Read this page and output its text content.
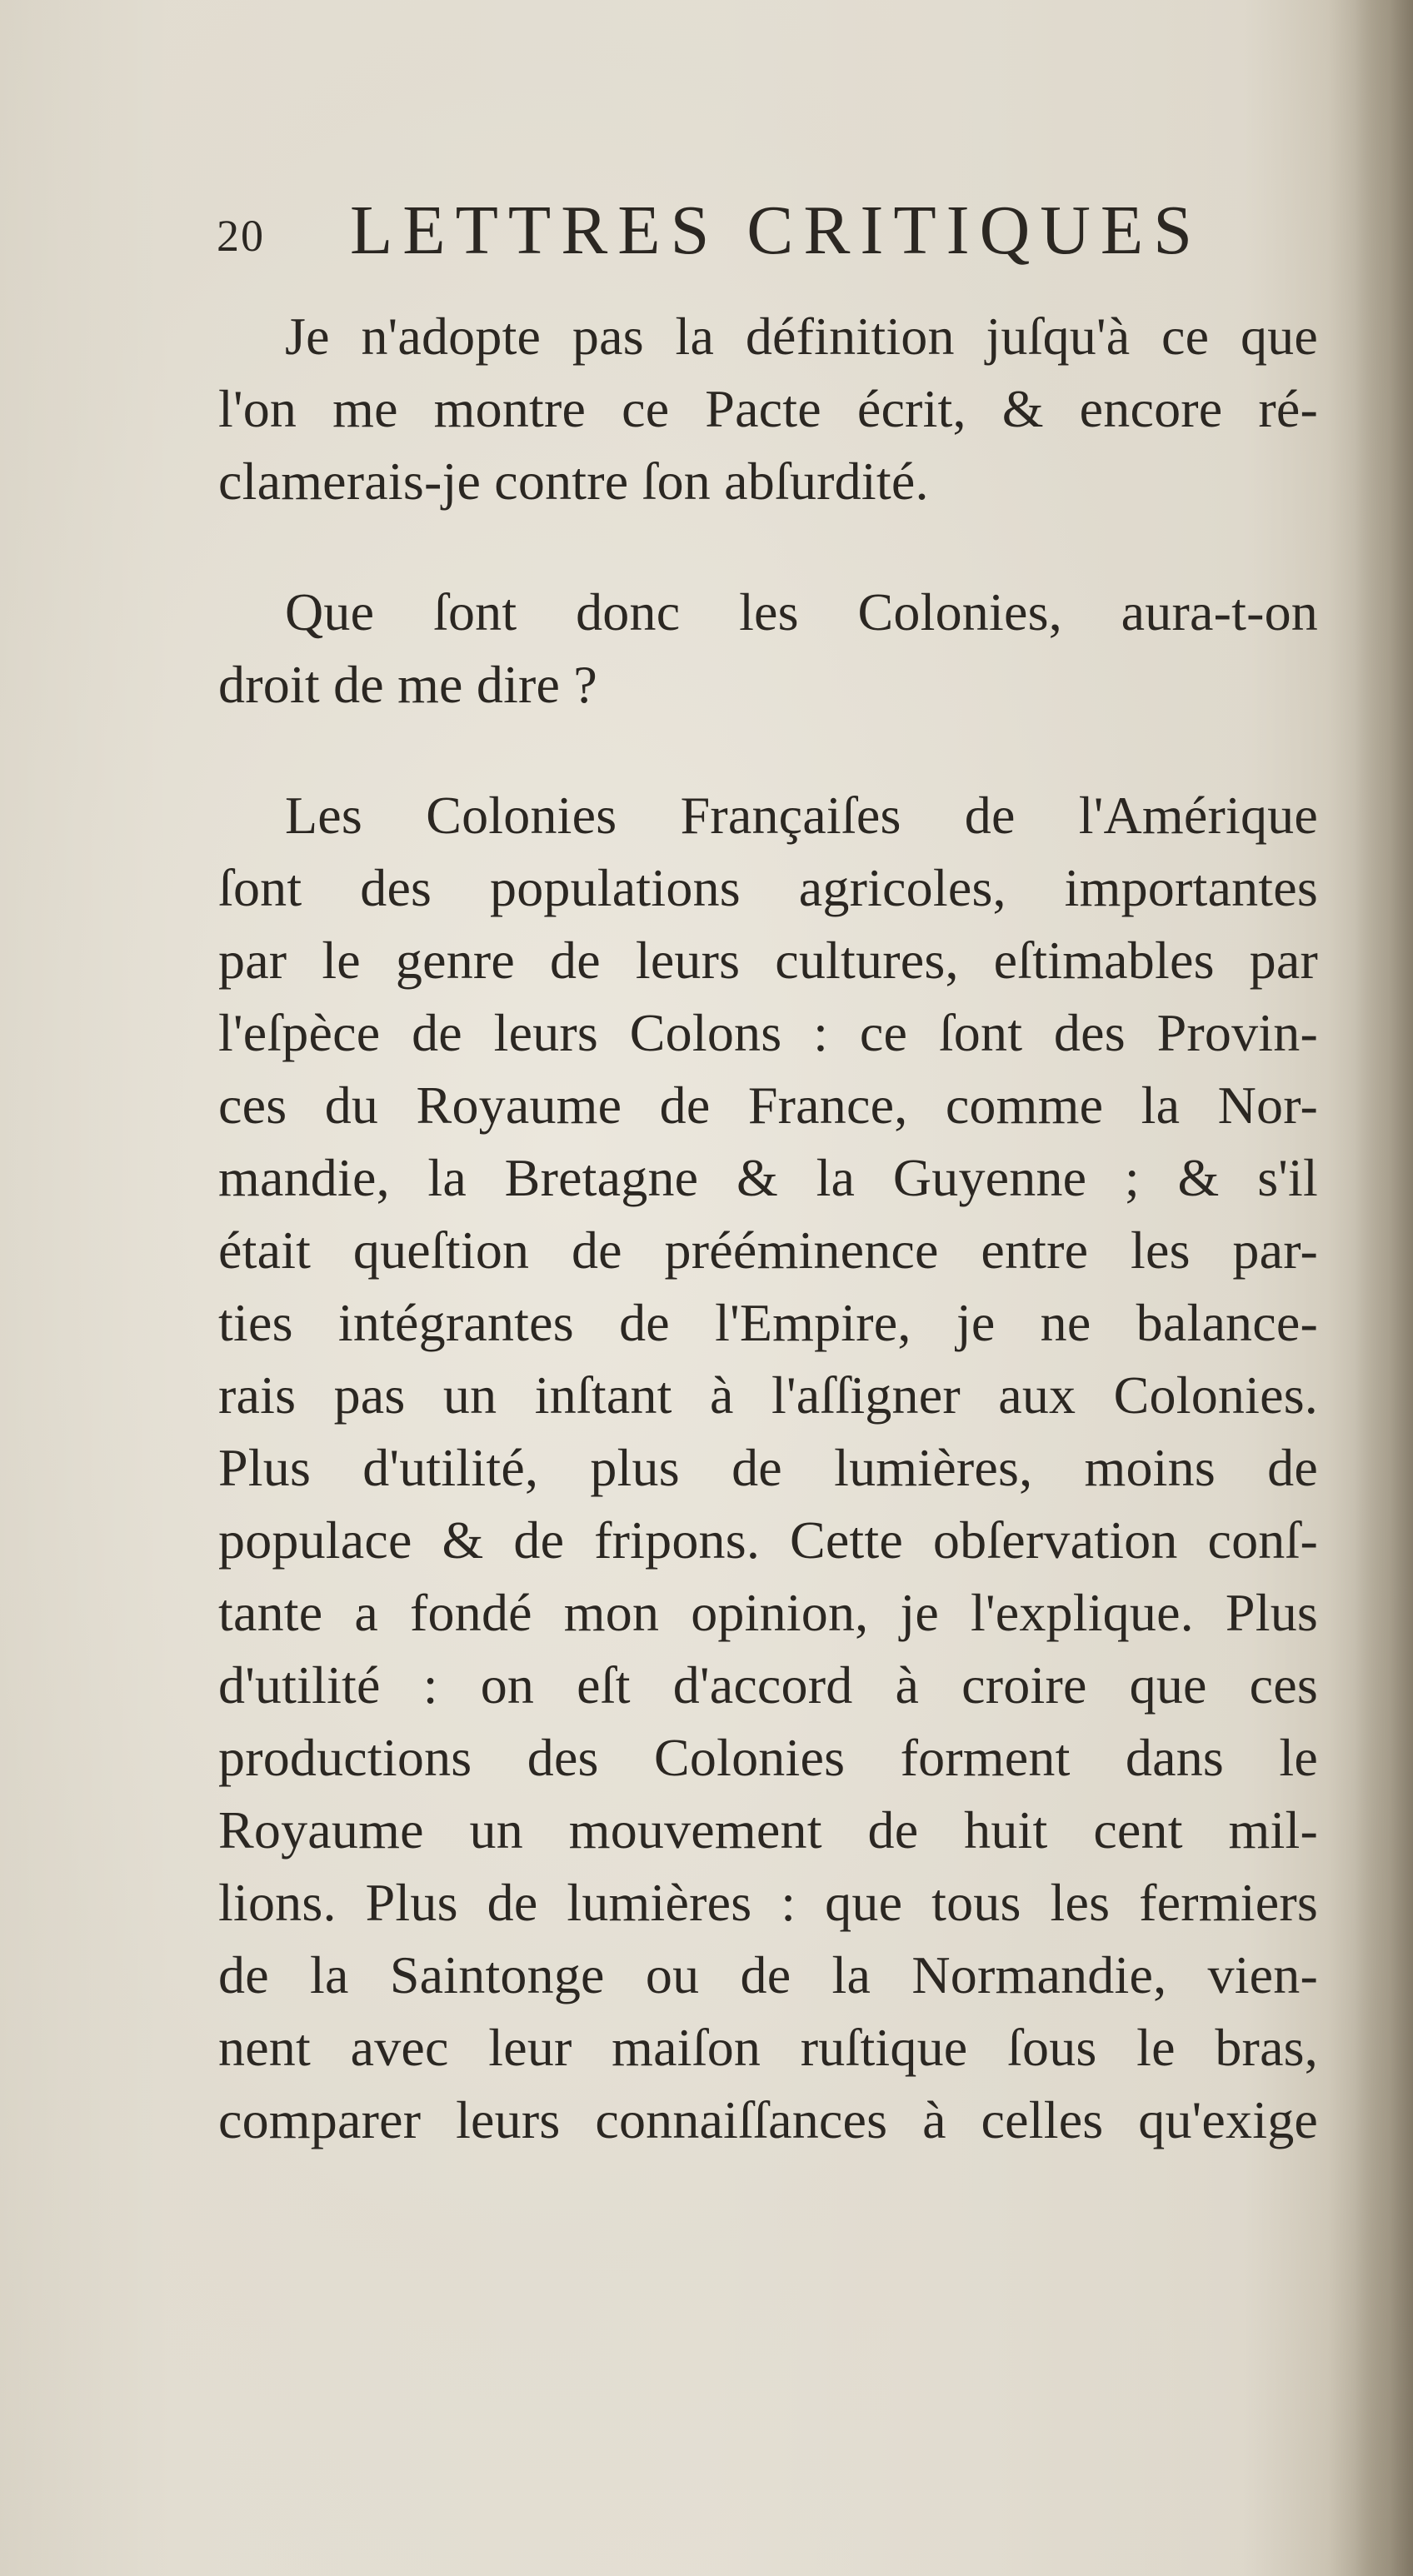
20 LETTRES CRITIQUES

Je n'adopte pas la définition juſqu'à ce que
l'on me montre ce Pacte écrit, & encore ré-
clamerais-je contre ſon abſurdité.

Que ſont donc les Colonies, aura-t-on
droit de me dire ?

Les Colonies Françaiſes de l'Amérique
ſont des populations agricoles, importantes
par le genre de leurs cultures, eſtimables par
l'eſpèce de leurs Colons : ce ſont des Provin-
ces du Royaume de France, comme la Nor-
mandie, la Bretagne & la Guyenne ; & s'il
était queſtion de prééminence entre les par-
ties intégrantes de l'Empire, je ne balance-
rais pas un inſtant à l'aſſigner aux Colonies.
Plus d'utilité, plus de lumières, moins de
populace & de fripons. Cette obſervation conſ-
tante a fondé mon opinion, je l'explique. Plus
d'utilité : on eſt d'accord à croire que ces
productions des Colonies forment dans le
Royaume un mouvement de huit cent mil-
lions. Plus de lumières : que tous les fermiers
de la Saintonge ou de la Normandie, vien-
nent avec leur maiſon ruſtique ſous le bras,
comparer leurs connaiſſances à celles qu'exige
